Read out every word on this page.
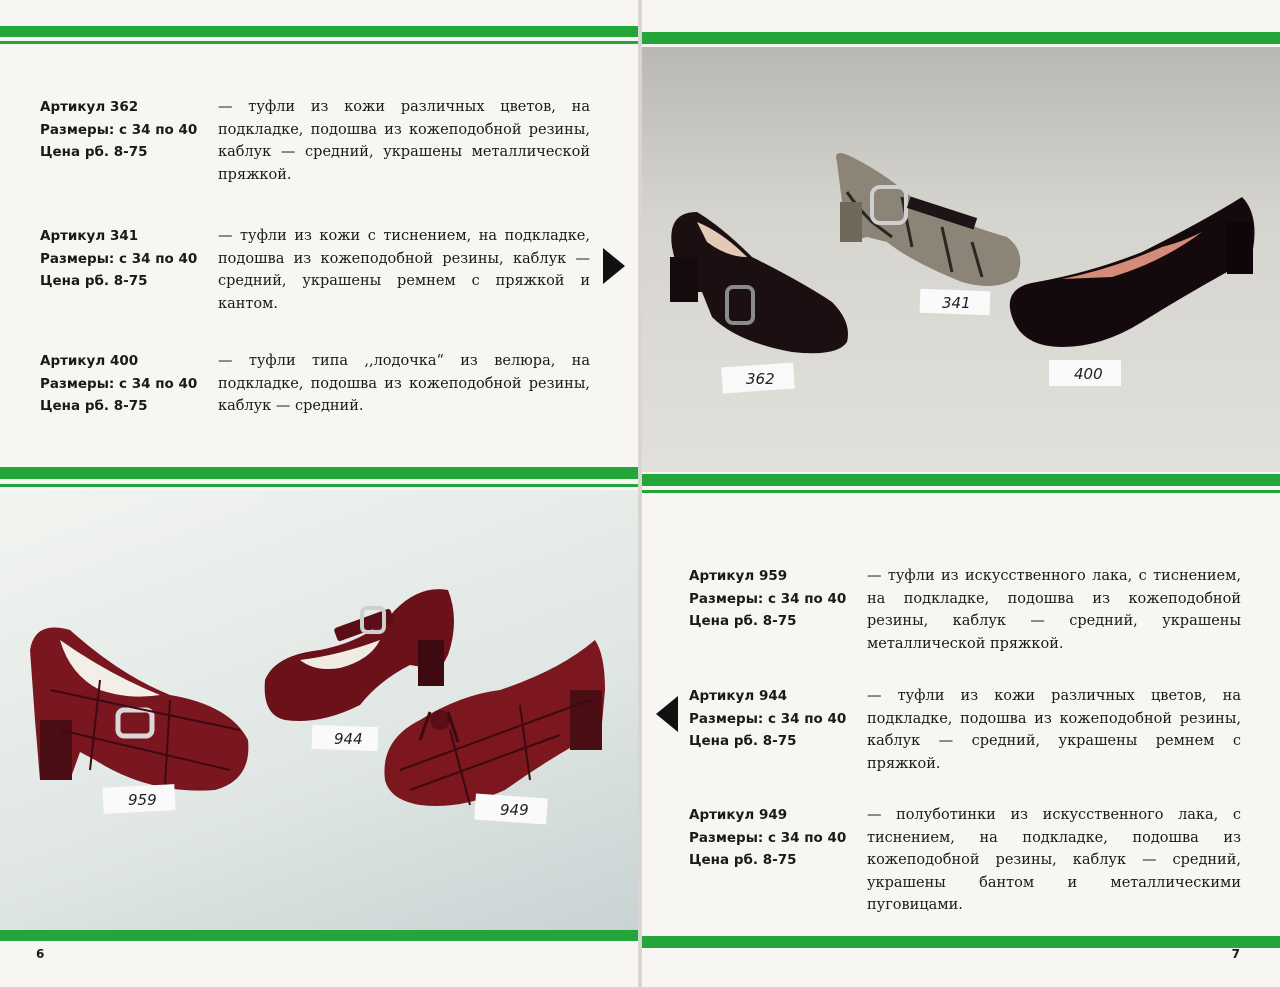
Артикул 362
Размеры: с 34 по 40
Цена рб. 8-75
— туфли из кожи различных цветов, на подкладке, подошва из кожеподобной резины, каблук — средний, украшены металлической пряжкой.
Артикул 341
Размеры: с 34 по 40
Цена рб. 8-75
— туфли из кожи с тиснением, на подкладке, подошва из кожеподобной резины, каблук — средний, украшены ремнем с пряжкой и кантом.
Артикул 400
Размеры: с 34 по 40
Цена рб. 8-75
— туфли типа ,,лодочка“ из велюра, на подкладке, подошва из кожеподобной резины, каблук — средний.
959
944
949
6
362
341
400
Артикул 959
Размеры: с 34 по 40
Цена рб. 8-75
— туфли из искусственного лака, с тиснением, на подкладке, подошва из кожеподобной резины, каблук — средний, украшены металлической пряжкой.
Артикул 944
Размеры: с 34 по 40
Цена рб. 8-75
— туфли из кожи различных цветов, на подкладке, подошва из кожеподобной резины, каблук — средний, украшены ремнем с пряжкой.
Артикул 949
Размеры: с 34 по 40
Цена рб. 8-75
— полуботинки из искусственного лака, с тиснением, на подкладке, подошва из кожеподобной резины, каблук — средний, украшены бантом и металлическими пуговицами.
7
